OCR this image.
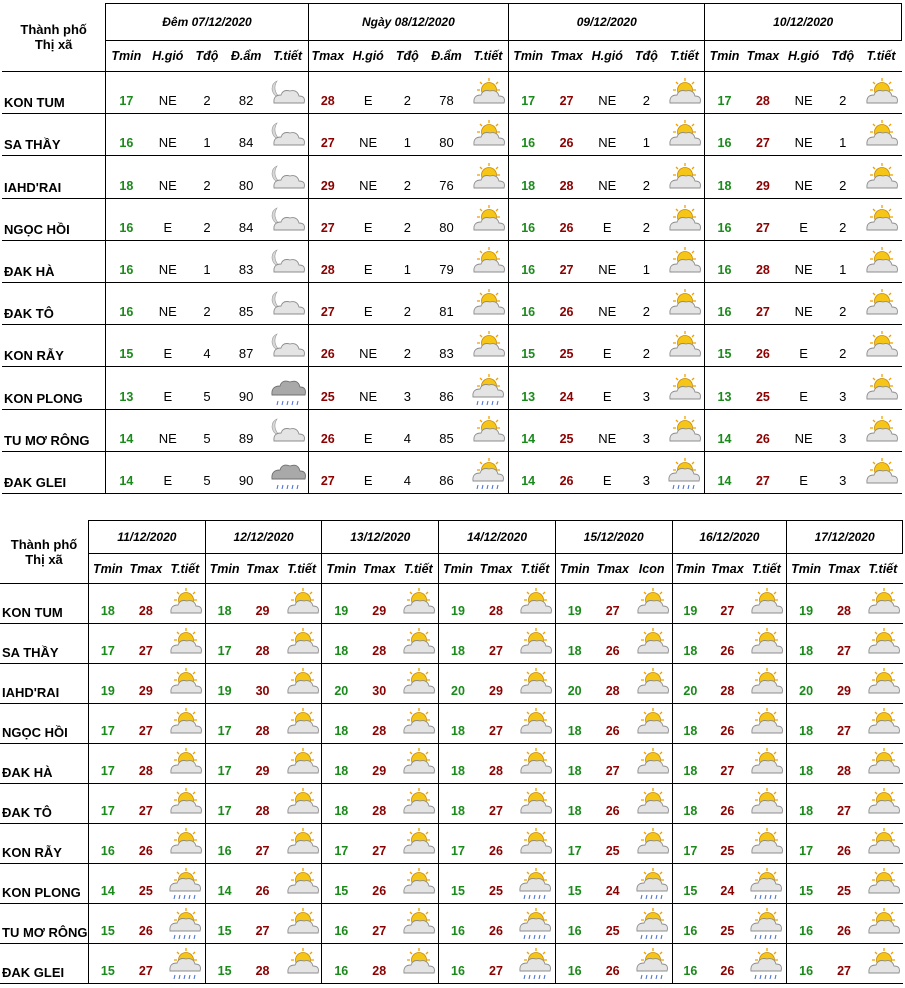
Thành phố
Thị xã	Đêm 07/12/2020					Ngày 08/12/2020					09/12/2020					10/12/2020				
	Tmin	H.gió	Tđộ	Đ.ẩm	T.tiết	Tmax	H.gió	Tđộ	Đ.ẩm	T.tiết	Tmin	Tmax	H.gió	Tđộ	T.tiết	Tmin	Tmax	H.gió	Tđộ	T.tiết
KON TUM	17	NE	2	82		28	E	2	78		17	27	NE	2		17	28	NE	2	

SA THẦY	16	NE	1	84		27	NE	1	80		16	26	NE	1		16	27	NE	1	

IAHD'RAI	18	NE	2	80		29	NE	2	76		18	28	NE	2		18	29	NE	2	

NGỌC HỒI	16	E	2	84		27	E	2	80		16	26	E	2		16	27	E	2	

ĐAK HÀ	16	NE	1	83		28	E	1	79		16	27	NE	1		16	28	NE	1	

ĐAK TÔ	16	NE	2	85		27	E	2	81		16	26	NE	2		16	27	NE	2	

KON RẪY	15	E	4	87		26	NE	2	83		15	25	E	2		15	26	E	2	

KON PLONG	13	E	5	90		25	NE	3	86		13	24	E	3		13	25	E	3	

TU MƠ RÔNG	14	NE	5	89		26	E	4	85		14	25	NE	3		14	26	NE	3	

ĐAK GLEI	14	E	5	90		27	E	4	86		14	26	E	3		14	27	E	3	
Thành phố
Thị xã	11/12/2020			12/12/2020			13/12/2020			14/12/2020			15/12/2020			16/12/2020			17/12/2020		
	Tmin	Tmax	T.tiết	Tmin	Tmax	T.tiết	Tmin	Tmax	T.tiết	Tmin	Tmax	T.tiết	Tmin	Tmax	Icon	Tmin	Tmax	T.tiết	Tmin	Tmax	T.tiết
KON TUM	18	28		18	29		19	29		19	28		19	27		19	27		19	28	

SA THẦY	17	27		17	28		18	28		18	27		18	26		18	26		18	27	

IAHD'RAI	19	29		19	30		20	30		20	29		20	28		20	28		20	29	

NGỌC HỒI	17	27		17	28		18	28		18	27		18	26		18	26		18	27	

ĐAK HÀ	17	28		17	29		18	29		18	28		18	27		18	27		18	28	

ĐAK TÔ	17	27		17	28		18	28		18	27		18	26		18	26		18	27	

KON RẪY	16	26		16	27		17	27		17	26		17	25		17	25		17	26	

KON PLONG	14	25		14	26		15	26		15	25		15	24		15	24		15	25	

TU MƠ RÔNG	15	26		15	27		16	27		16	26		16	25		16	25		16	26	

ĐAK GLEI	15	27		15	28		16	28		16	27		16	26		16	26		16	27	
